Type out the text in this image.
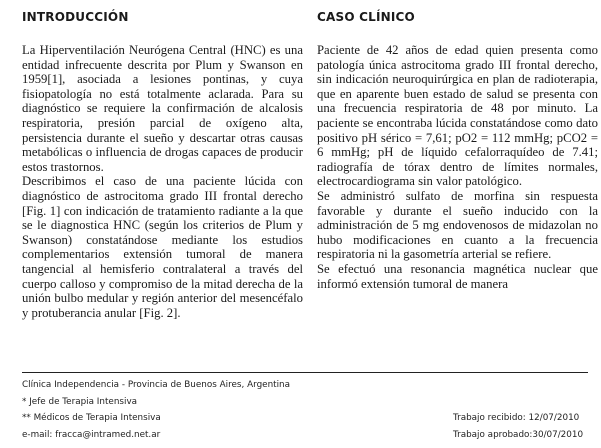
INTRODUCCIÓN

La Hiperventilación Neurógena Central (HNC) es una entidad infrecuente descrita por Plum y Swanson en 1959[1], asociada a lesiones pontinas, y cuya fisiopatología no está totalmente aclarada. Para su diagnóstico se requiere la confirmación de alcalosis respiratoria, presión parcial de oxígeno alta, persistencia durante el sueño y descartar otras causas metabólicas o influencia de drogas capaces de producir estos trastornos.

Describimos el caso de una paciente lúcida con diagnóstico de astrocitoma grado III frontal derecho [Fig. 1] con indicación de tratamiento radiante a la que se le diagnostica HNC (según los criterios de Plum y Swanson) constatándose mediante los estudios complementarios extensión tumoral de manera tangencial al hemisferio contralateral a través del cuerpo calloso y compromiso de la mitad derecha de la unión bulbo medular y región anterior del mesencéfalo y protuberancia anular [Fig. 2].

CASO CLÍNICO

Paciente de 42 años de edad quien presenta como patología única astrocitoma grado III frontal derecho, sin indicación neuroquirúrgica en plan de radioterapia, que en aparente buen estado de salud se presenta con una frecuencia respiratoria de 48 por minuto. La paciente se encontraba lúcida constatándose como dato positivo pH sérico = 7,61; pO2 = 112 mmHg; pCO2 = 6 mmHg; pH de líquido cefalorraquídeo de 7.41; radiografía de tórax dentro de límites normales, electrocardiograma sin valor patológico.

Se administró sulfato de morfina sin respuesta favorable y durante el sueño inducido con la administración de 5 mg endovenosos de midazolan no hubo modificaciones en cuanto a la frecuencia respiratoria ni la gasometría arterial se refiere.

Se efectuó una resonancia magnética nuclear que informó extensión tumoral de manera

Clínica Independencia - Provincia de Buenos Aires, Argentina
* Jefe de Terapia Intensiva
** Médicos de Terapia Intensiva
e-mail: fracca@intramed.net.ar
Trabajo recibido: 12/07/2010
Trabajo aprobado:30/07/2010
